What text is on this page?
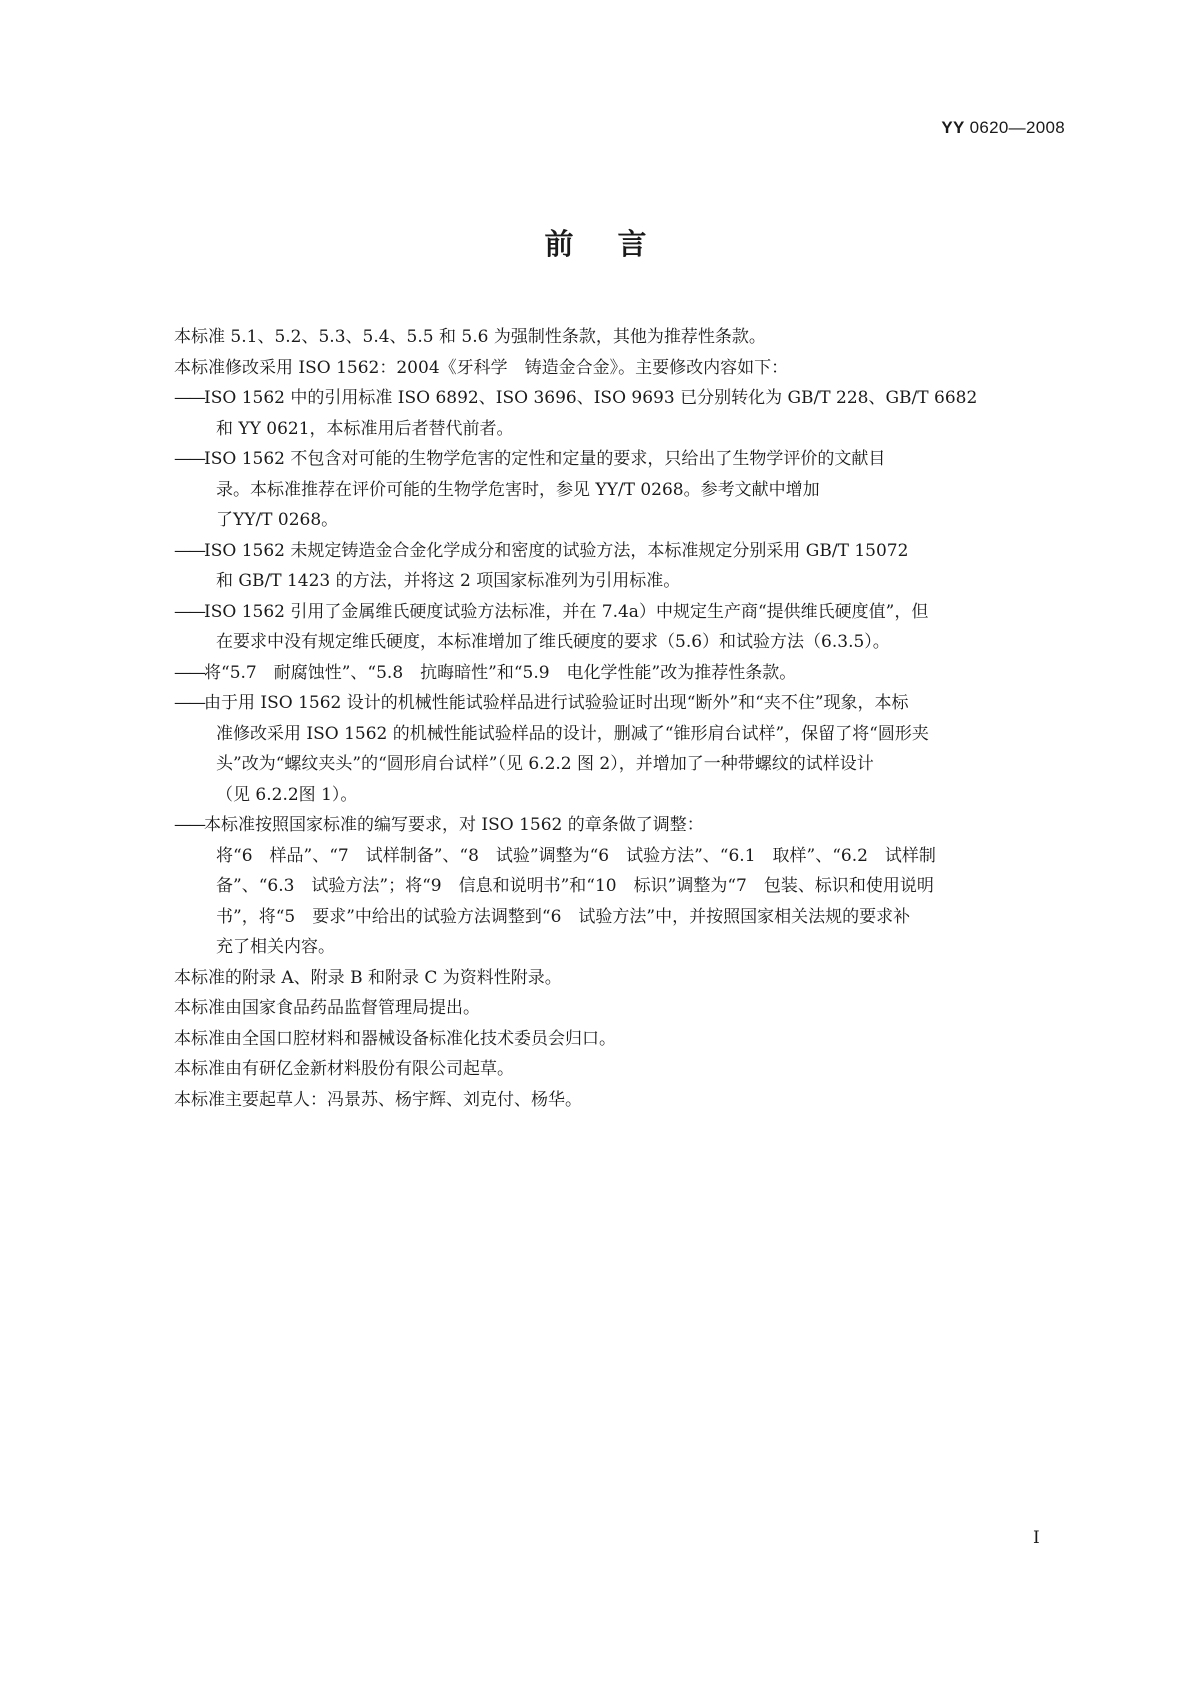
YY 0620—2008
前言

本标准 5.1、5.2、5.3、5.4、5.5 和 5.6 为强制性条款，其他为推荐性条款。

本标准修改采用 ISO 1562：2004《牙科学　铸造金合金》。主要修改内容如下：

——ISO 1562 中的引用标准 ISO 6892、ISO 3696、ISO 9693 已分别转化为 GB/T 228、GB/T 6682
和 YY 0621，本标准用后者替代前者。
——ISO 1562 不包含对可能的生物学危害的定性和定量的要求，只给出了生物学评价的文献目
录。本标准推荐在评价可能的生物学危害时，参见 YY/T 0268。参考文献中增加
了YY/T 0268。
——ISO 1562 未规定铸造金合金化学成分和密度的试验方法，本标准规定分别采用 GB/T 15072
和 GB/T 1423 的方法，并将这 2 项国家标准列为引用标准。
——ISO 1562 引用了金属维氏硬度试验方法标准，并在 7.4a）中规定生产商“提供维氏硬度值”，但
在要求中没有规定维氏硬度，本标准增加了维氏硬度的要求（5.6）和试验方法（6.3.5）。
——将“5.7　耐腐蚀性”、“5.8　抗晦暗性”和“5.9　电化学性能”改为推荐性条款。
——由于用 ISO 1562 设计的机械性能试验样品进行试验验证时出现“断外”和“夹不住”现象，本标
准修改采用 ISO 1562 的机械性能试验样品的设计，删减了“锥形肩台试样”，保留了将“圆形夹
头”改为“螺纹夹头”的“圆形肩台试样”（见 6.2.2 图 2），并增加了一种带螺纹的试样设计
（见 6.2.2图 1）。
——本标准按照国家标准的编写要求，对 ISO 1562 的章条做了调整：
将“6　样品”、“7　试样制备”、“8　试验”调整为“6　试验方法”、“6.1　取样”、“6.2　试样制
备”、“6.3　试验方法”；将“9　信息和说明书”和“10　标识”调整为“7　包装、标识和使用说明
书”，将“5　要求”中给出的试验方法调整到“6　试验方法”中，并按照国家相关法规的要求补
充了相关内容。

本标准的附录 A、附录 B 和附录 C 为资料性附录。

本标准由国家食品药品监督管理局提出。

本标准由全国口腔材料和器械设备标准化技术委员会归口。

本标准由有研亿金新材料股份有限公司起草。

本标准主要起草人：冯景苏、杨宇辉、刘克付、杨华。

I
